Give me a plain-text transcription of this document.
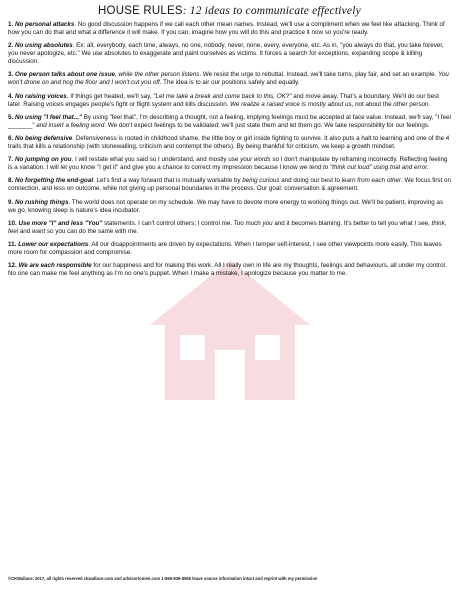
HOUSE RULES: 12 ideas to communicate effectively

1. No personal attacks. No good discussion happens if we call each other mean names. Instead, we'll use a compliment when we feel like attacking. Think of how you can do that and what a difference it will make. If you can, imagine how you will do this and practice it now so you're ready.

2. No using absolutes. Ex: all, everybody, each time, always, no one, nobody, never, none, every, everyone, etc. As in, "you always do that, you take forever, you never apologize, etc." We use absolutes to exaggerate and paint ourselves as victims. It forces a search for exceptions, expanding scope & killing discussion.

3. One person talks about one issue, while the other person listens. We resist the urge to rebuttal. Instead, we'll take turns, play fair, and set an example. You won't drone on and hog the floor and I won't cut you off. The idea is to air our positions safely and equally.

4. No raising voices. If things get heated, we'll say, "Let me take a break and come back to this, OK?" and move away. That's a boundary. We'll do our best later. Raising voices engages people's fight or flight system and kills discussion. We realize a raised voice is mostly about us, not about the other person.

5. No using "I feel that..." By using "feel that", I'm describing a thought, not a feeling, implying feelings must be accepted at face value. Instead, we'll say, "I feel _______" and insert a feeling word. We don't expect feelings to be validated; we'll just state them and let them go. We take responsibility for our feelings.

6. No being defensive. Defensiveness is rooted in childhood shame, the little boy or girl inside fighting to survive. It also puts a halt to learning and one of the 4 traits that kills a relationship (with stonewalling, criticism and contempt the others). By being thankful for criticism, we keep a growth mindset.

7. No jumping on you. I will restate what you said so I understand, and mostly use your words so I don't manipulate by reframing incorrectly. Reflecting feeling is a variation. I will let you know "I get it" and give you a chance to correct my impression because I know we tend to "think out loud" using trial and error.

8. No forgetting the end-goal. Let's find a way forward that is mutually workable by being curious and doing our best to learn from each other. We focus first on connection, and less on outcome, while not giving up personal boundaries in the process. Our goal: conversation & agreement.

9. No rushing things. The world does not operate on my schedule. We may have to devote more energy to working things out. We'll be patient, improving as we go, knowing sleep is nature's idea incubator.

10. Use more "I" and less "You" statements. I can't control others; I control me. Too much you and it becomes blaming. It's better to tell you what I see, think, feel and want so you can do the same with me.

11. Lower our expectations. All our disappointments are driven by expectations. When I temper self-interest, I see other viewpoints more easily. This leaves more room for compassion and compromise.

12. We are each responsible for our happiness and for making this work. All I really own in life are my thoughts, feelings and behaviours, all under my control. No one can make me feel anything as I'm no one's puppet. When I make a mistake, I apologize because you matter to me.

©CKWallace, 2017, all rights reserved ckwallace.com and advisortomen.com 1-855-839-5565 leave source information intact and reprint with my permission
